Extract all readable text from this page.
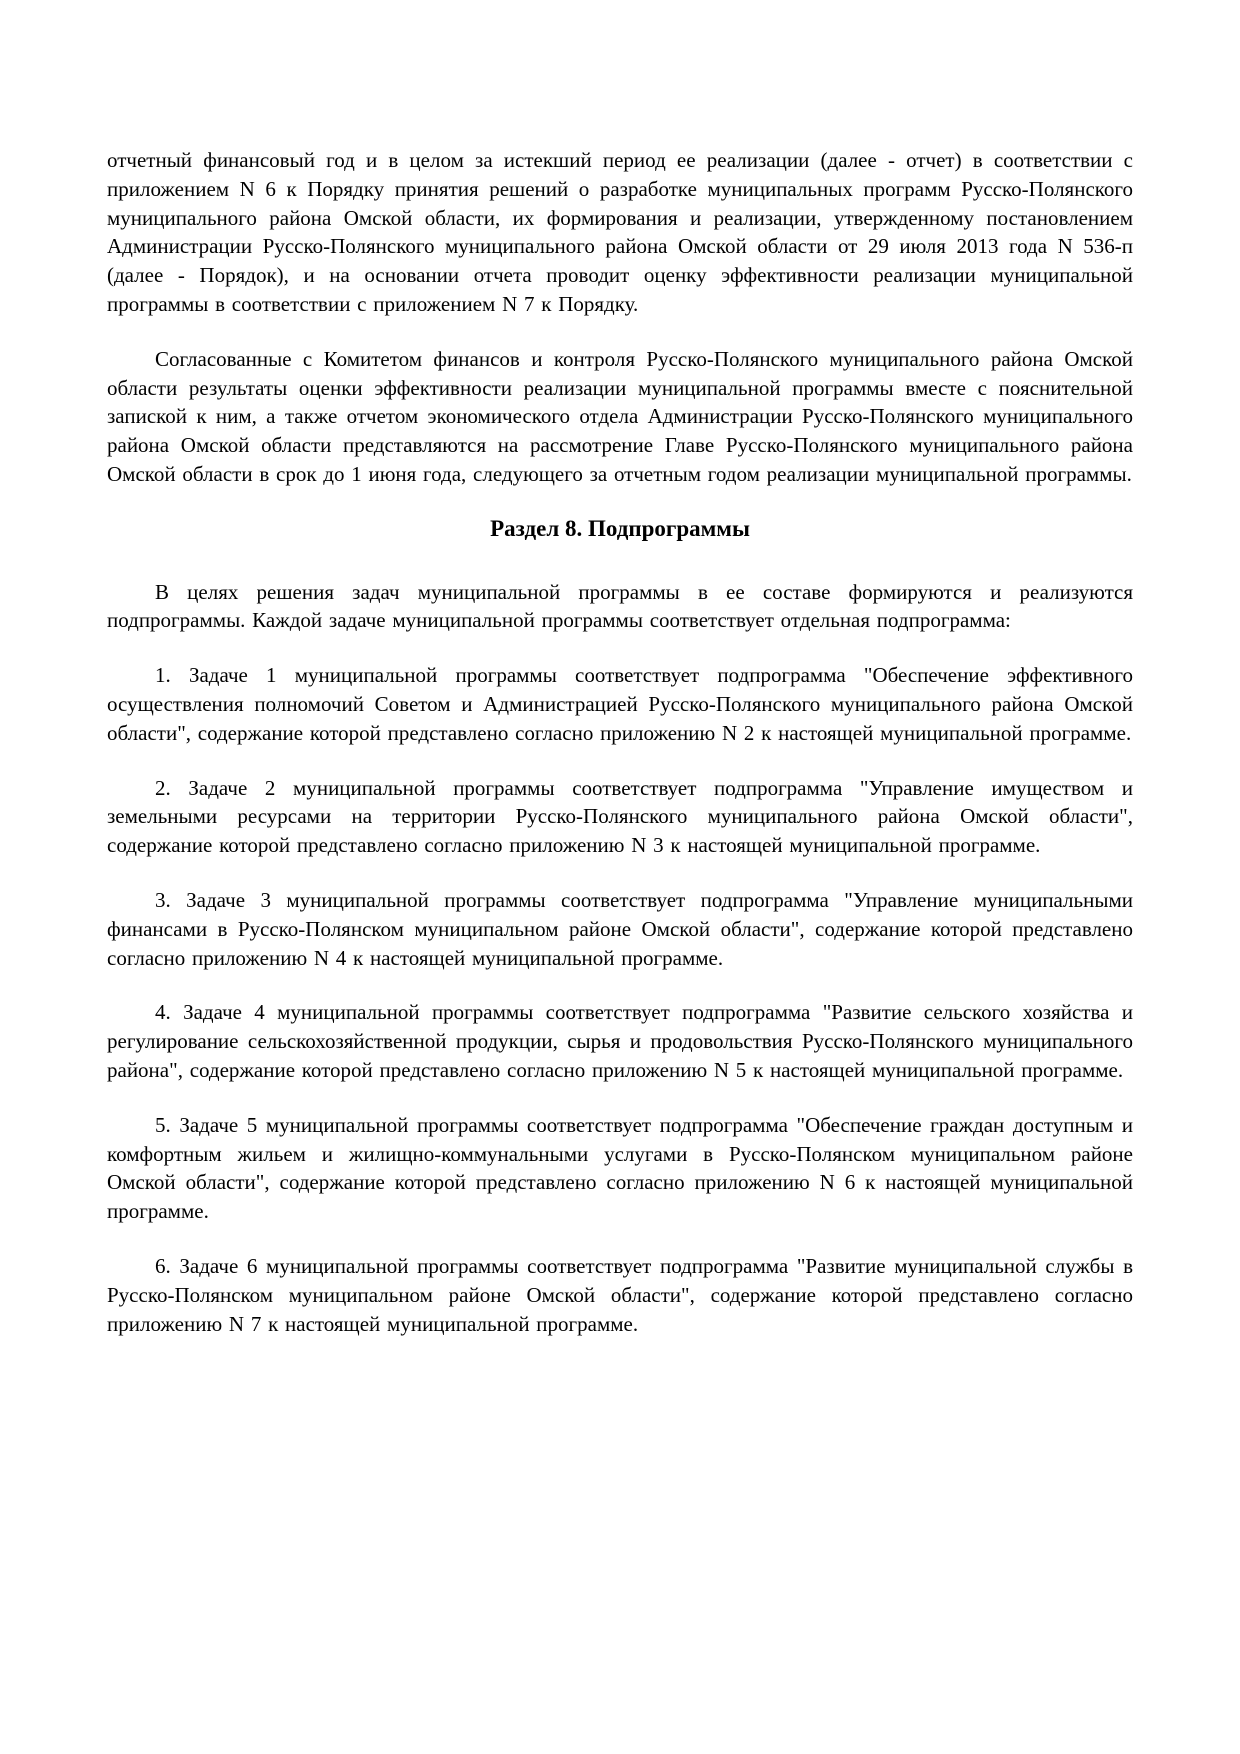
отчетный финансовый год и в целом за истекший период ее реализации (далее - отчет) в соответствии с приложением N 6 к Порядку принятия решений о разработке муниципальных программ Русско-Полянского муниципального района Омской области, их формирования и реализации, утвержденному постановлением Администрации Русско-Полянского муниципального района Омской области от 29 июля 2013 года N 536-п (далее - Порядок), и на основании отчета проводит оценку эффективности реализации муниципальной программы в соответствии с приложением N 7 к Порядку.
Согласованные с Комитетом финансов и контроля Русско-Полянского муниципального района Омской области результаты оценки эффективности реализации муниципальной программы вместе с пояснительной запиской к ним, а также отчетом экономического отдела Администрации Русско-Полянского муниципального района Омской области представляются на рассмотрение Главе Русско-Полянского муниципального района Омской области в срок до 1 июня года, следующего за отчетным годом реализации муниципальной программы.
Раздел 8. Подпрограммы
В целях решения задач муниципальной программы в ее составе формируются и реализуются подпрограммы. Каждой задаче муниципальной программы соответствует отдельная подпрограмма:
1. Задаче 1 муниципальной программы соответствует подпрограмма "Обеспечение эффективного осуществления полномочий Советом и Администрацией Русско-Полянского муниципального района Омской области", содержание которой представлено согласно приложению N 2 к настоящей муниципальной программе.
2. Задаче 2 муниципальной программы соответствует подпрограмма "Управление имуществом и земельными ресурсами на территории Русско-Полянского муниципального района Омской области", содержание которой представлено согласно приложению N 3 к настоящей муниципальной программе.
3. Задаче 3 муниципальной программы соответствует подпрограмма "Управление муниципальными финансами в Русско-Полянском муниципальном районе Омской области", содержание которой представлено согласно приложению N 4 к настоящей муниципальной программе.
4. Задаче 4 муниципальной программы соответствует подпрограмма "Развитие сельского хозяйства и регулирование сельскохозяйственной продукции, сырья и продовольствия Русско-Полянского муниципального района", содержание которой представлено согласно приложению N 5 к настоящей муниципальной программе.
5. Задаче 5 муниципальной программы соответствует подпрограмма "Обеспечение граждан доступным и комфортным жильем и жилищно-коммунальными услугами в Русско-Полянском муниципальном районе Омской области", содержание которой представлено согласно приложению N 6 к настоящей муниципальной программе.
6. Задаче 6 муниципальной программы соответствует подпрограмма "Развитие муниципальной службы в Русско-Полянском муниципальном районе Омской области", содержание которой представлено согласно приложению N 7 к настоящей муниципальной программе.
